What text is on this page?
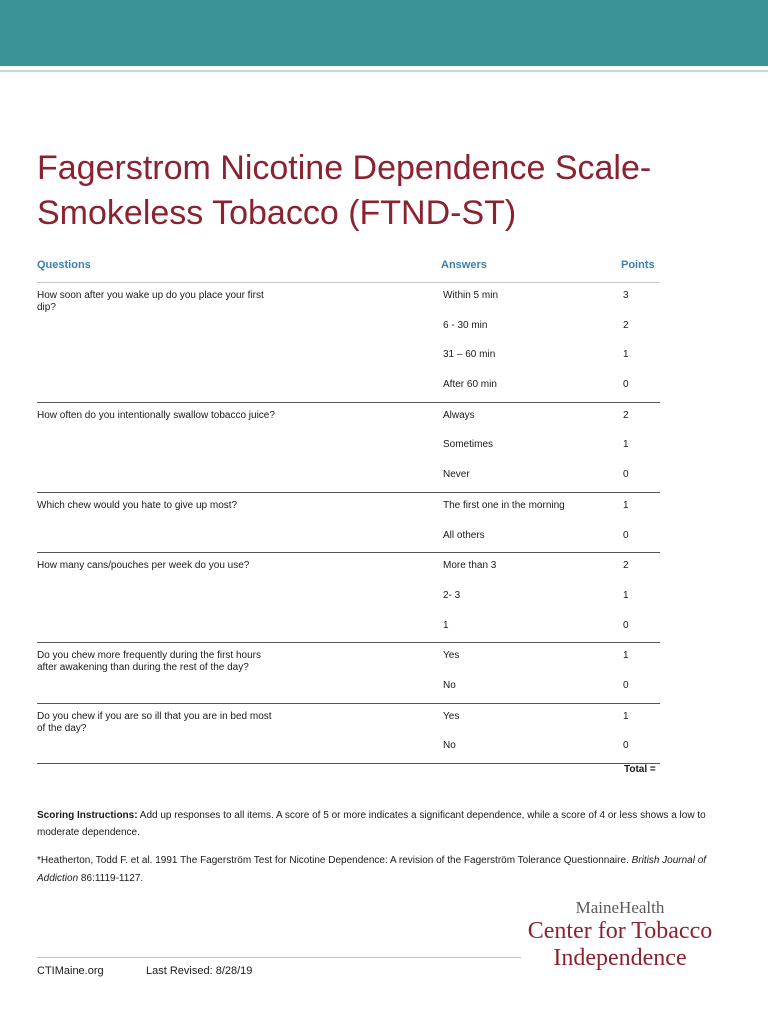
Fagerstrom Nicotine Dependence Scale-
Smokeless Tobacco (FTND-ST)
Questions	Answers	Points
How soon after you wake up do you place your first dip?
Within 5 min	3
6 - 30 min	2
31 – 60 min	1
After 60 min	0
How often do you intentionally swallow tobacco juice?	Always	2
Sometimes	1
Never	0
Which chew would you hate to give up most?	The first one in the morning	1
All others	0
How many cans/pouches per week do you use?	More than 3	2
2- 3	1
1	0
Do you chew more frequently during the first hours after awakening than during the rest of the day?
Yes	1
No	0
Do you chew if you are so ill that you are in bed most of the day?
Yes	1
No	0
Total =
Scoring Instructions: Add up responses to all items. A score of 5 or more indicates a significant dependence, while a score of 4 or less shows a low to moderate dependence.
*Heatherton, Todd F. et al. 1991 The Fagerström Test for Nicotine Dependence: A revision of the Fagerström Tolerance Questionnaire. British Journal of Addiction 86:1119-1127.
CTIMaine.org	Last Revised: 8/28/19
MaineHealth
Center for Tobacco
Independence
